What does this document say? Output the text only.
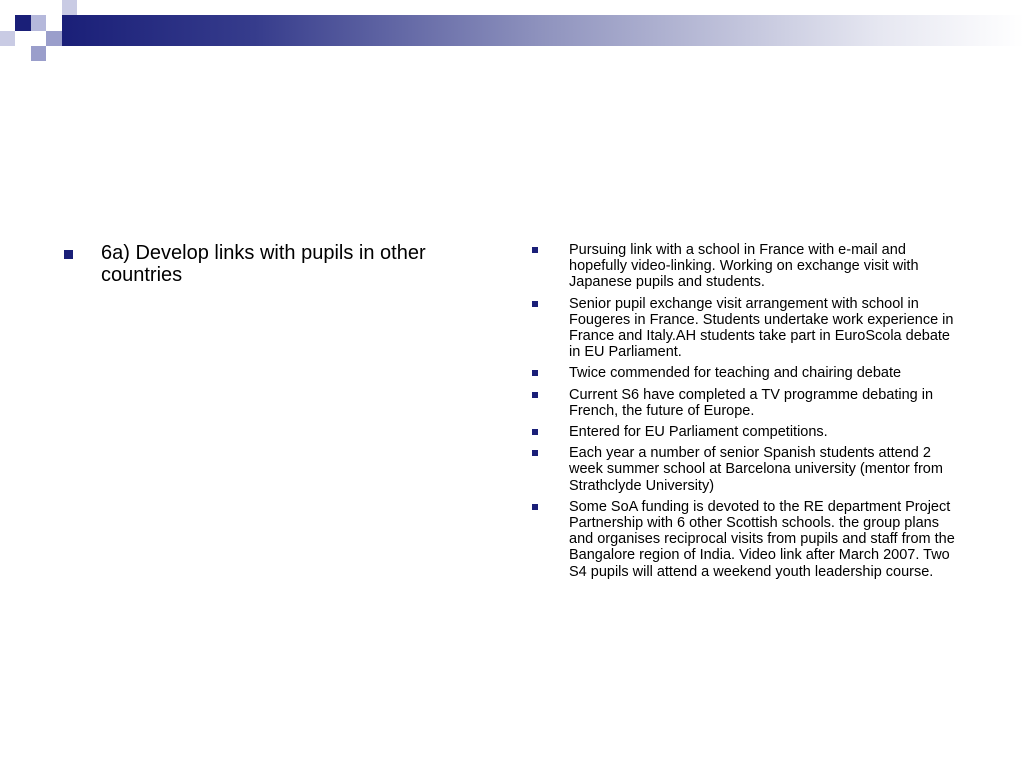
6a) Develop links with pupils in other countries
Pursuing link with a school in France with e-mail and hopefully video-linking. Working on exchange visit with Japanese pupils and students.
Senior pupil exchange visit arrangement with school in Fougeres in France. Students undertake work experience in France and Italy.AH students take part in EuroScola debate in EU Parliament.
Twice commended for teaching and chairing debate
Current S6 have completed a TV programme debating in French, the future of Europe.
Entered for EU Parliament competitions.
Each year a number of senior Spanish students attend 2 week summer school at Barcelona university (mentor from Strathclyde University)
Some SoA funding is devoted to the RE department Project Partnership with 6 other Scottish schools. the group plans and organises reciprocal visits from pupils and staff from the Bangalore region of India. Video link after March 2007. Two S4 pupils will attend a weekend youth leadership course.
